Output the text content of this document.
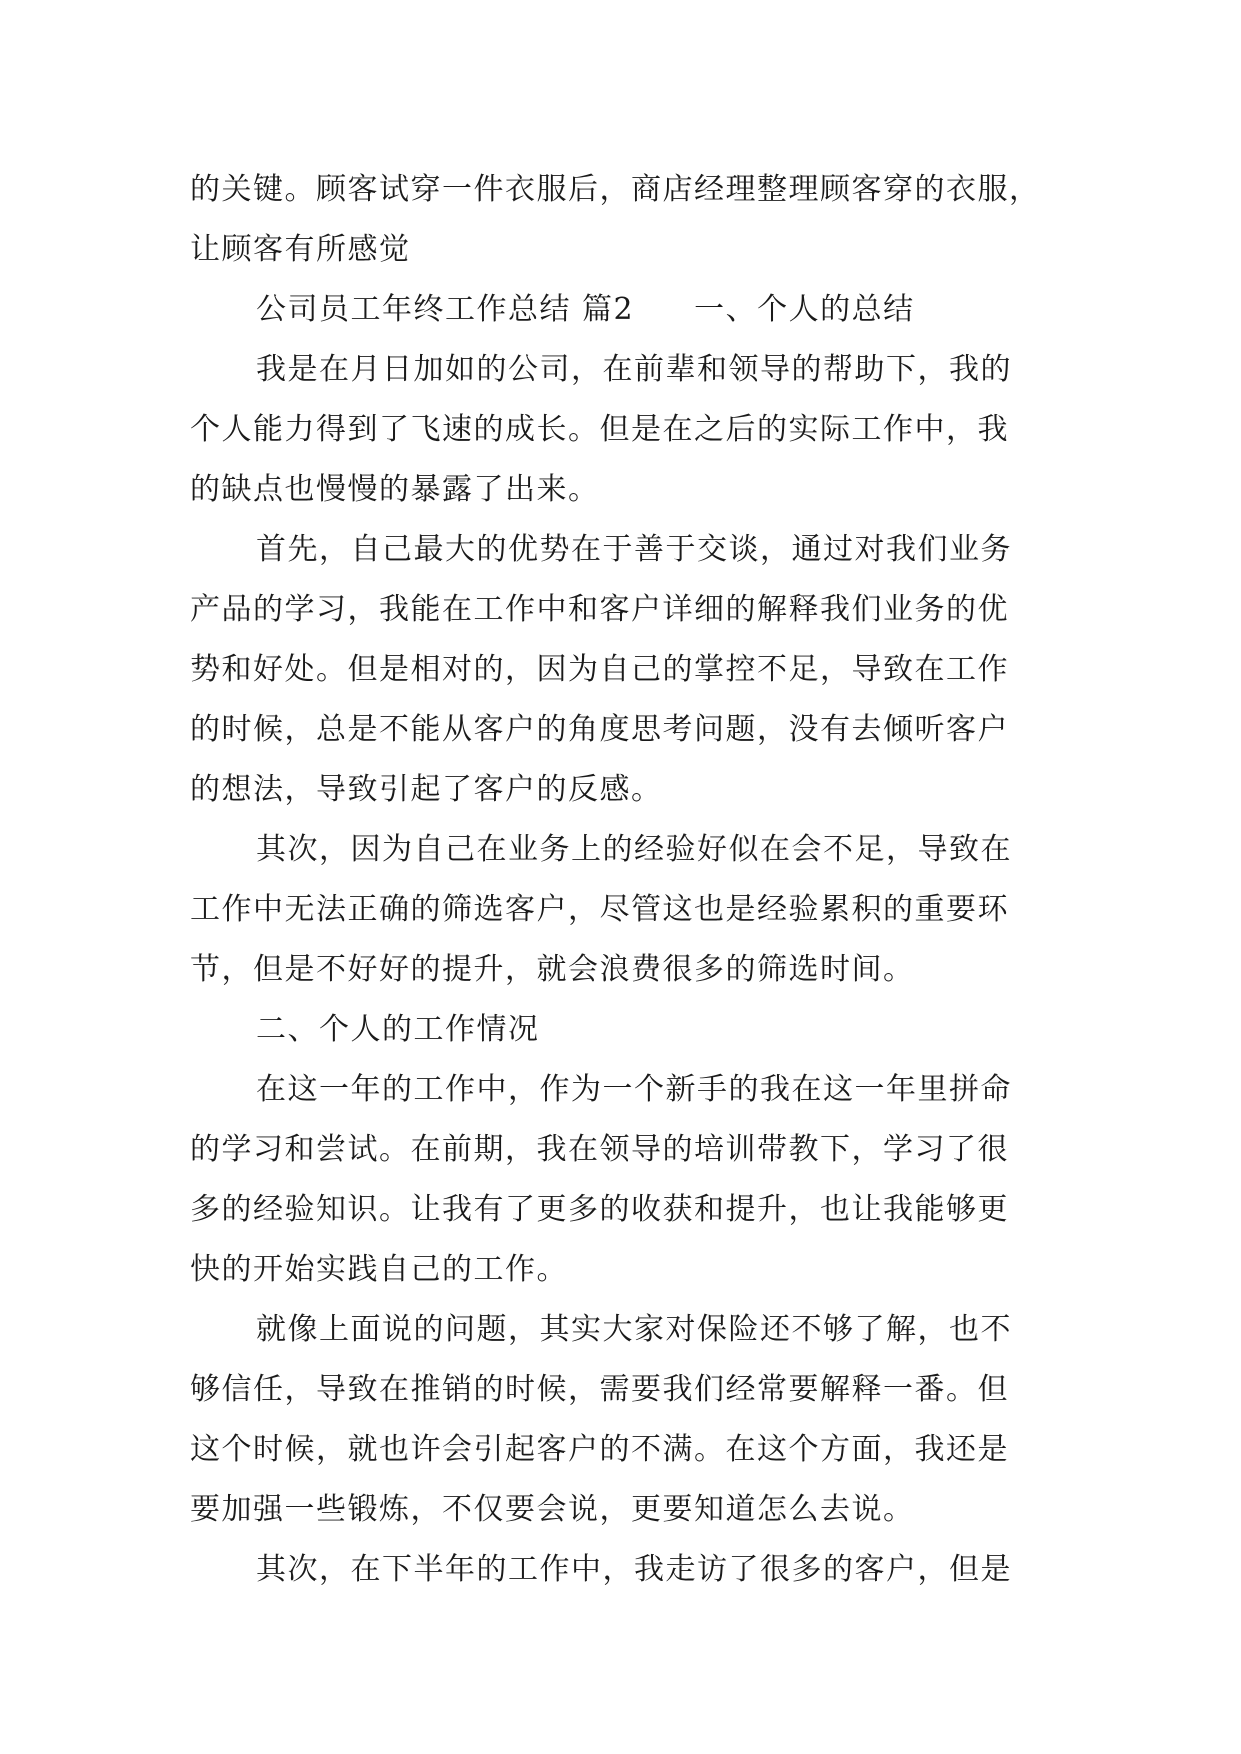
的关键。顾客试穿一件衣服后，商店经理整理顾客穿的衣服，
让顾客有所感觉
公司员工年终工作总结 篇2 一、个人的总结
我是在月日加如的公司，在前辈和领导的帮助下，我的
个人能力得到了飞速的成长。但是在之后的实际工作中，我
的缺点也慢慢的暴露了出来。
首先，自己最大的优势在于善于交谈，通过对我们业务
产品的学习，我能在工作中和客户详细的解释我们业务的优
势和好处。但是相对的，因为自己的掌控不足，导致在工作
的时候，总是不能从客户的角度思考问题，没有去倾听客户
的想法，导致引起了客户的反感。
其次，因为自己在业务上的经验好似在会不足，导致在
工作中无法正确的筛选客户，尽管这也是经验累积的重要环
节，但是不好好的提升，就会浪费很多的筛选时间。
二、个人的工作情况
在这一年的工作中，作为一个新手的我在这一年里拼命
的学习和尝试。在前期，我在领导的培训带教下，学习了很
多的经验知识。让我有了更多的收获和提升，也让我能够更
快的开始实践自己的工作。
就像上面说的问题，其实大家对保险还不够了解，也不
够信任，导致在推销的时候，需要我们经常要解释一番。但
这个时候，就也许会引起客户的不满。在这个方面，我还是
要加强一些锻炼，不仅要会说，更要知道怎么去说。
其次，在下半年的工作中，我走访了很多的客户，但是
